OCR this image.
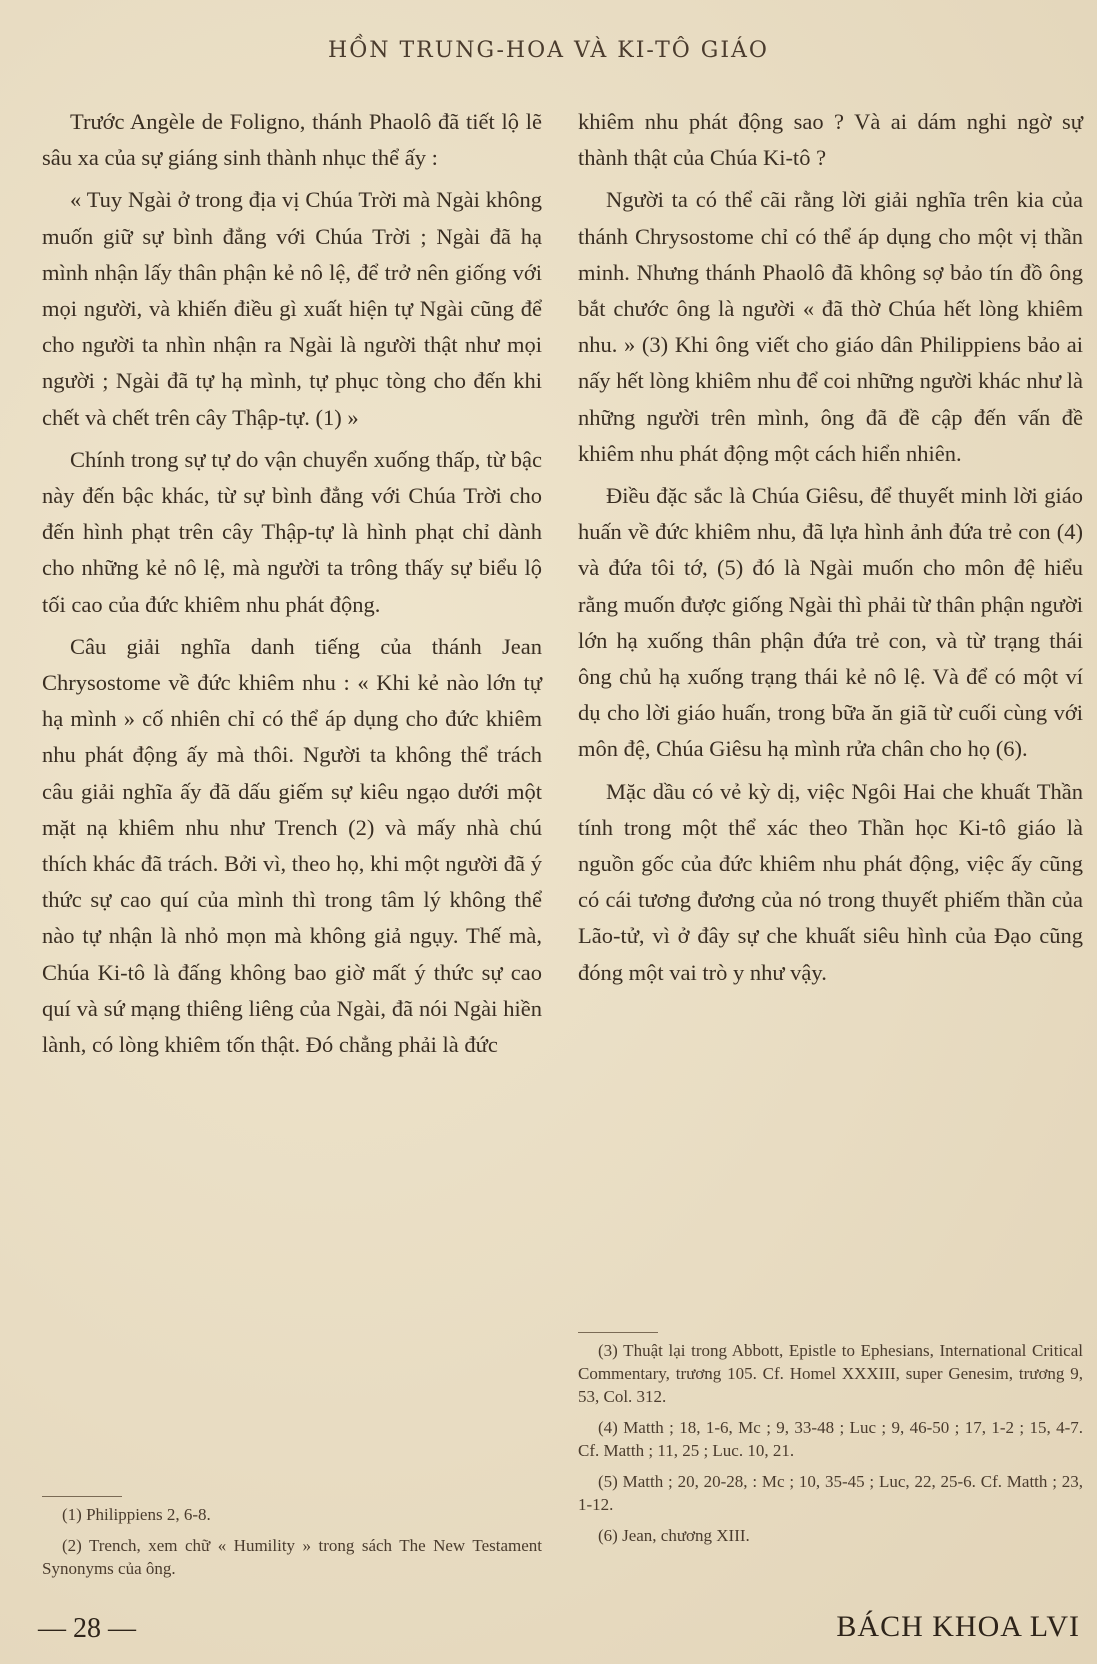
HỒN TRUNG-HOA VÀ KI-TÔ GIÁO

Trước Angèle de Foligno, thánh Phaolô đã tiết lộ lẽ sâu xa của sự giáng sinh thành nhục thể ấy :

« Tuy Ngài ở trong địa vị Chúa Trời mà Ngài không muốn giữ sự bình đẳng với Chúa Trời ; Ngài đã hạ mình nhận lấy thân phận kẻ nô lệ, để trở nên giống với mọi người, và khiến điều gì xuất hiện tự Ngài cũng để cho người ta nhìn nhận ra Ngài là người thật như mọi người ; Ngài đã tự hạ mình, tự phục tòng cho đến khi chết và chết trên cây Thập-tự. (1) »

Chính trong sự tự do vận chuyển xuống thấp, từ bậc này đến bậc khác, từ sự bình đẳng với Chúa Trời cho đến hình phạt trên cây Thập-tự là hình phạt chỉ dành cho những kẻ nô lệ, mà người ta trông thấy sự biểu lộ tối cao của đức khiêm nhu phát động.

Câu giải nghĩa danh tiếng của thánh Jean Chrysostome về đức khiêm nhu : « Khi kẻ nào lớn tự hạ mình » cố nhiên chỉ có thể áp dụng cho đức khiêm nhu phát động ấy mà thôi. Người ta không thể trách câu giải nghĩa ấy đã dấu giếm sự kiêu ngạo dưới một mặt nạ khiêm nhu như Trench (2) và mấy nhà chú thích khác đã trách. Bởi vì, theo họ, khi một người đã ý thức sự cao quí của mình thì trong tâm lý không thể nào tự nhận là nhỏ mọn mà không giả ngụy. Thế mà, Chúa Ki-tô là đấng không bao giờ mất ý thức sự cao quí và sứ mạng thiêng liêng của Ngài, đã nói Ngài hiền lành, có lòng khiêm tốn thật. Đó chẳng phải là đức

khiêm nhu phát động sao ? Và ai dám nghi ngờ sự thành thật của Chúa Ki-tô ?

Người ta có thể cãi rằng lời giải nghĩa trên kia của thánh Chrysostome chỉ có thể áp dụng cho một vị thần minh. Nhưng thánh Phaolô đã không sợ bảo tín đồ ông bắt chước ông là người « đã thờ Chúa hết lòng khiêm nhu. » (3) Khi ông viết cho giáo dân Philippiens bảo ai nấy hết lòng khiêm nhu để coi những người khác như là những người trên mình, ông đã đề cập đến vấn đề khiêm nhu phát động một cách hiển nhiên.

Điều đặc sắc là Chúa Giêsu, để thuyết minh lời giáo huấn về đức khiêm nhu, đã lựa hình ảnh đứa trẻ con (4) và đứa tôi tớ, (5) đó là Ngài muốn cho môn đệ hiểu rằng muốn được giống Ngài thì phải từ thân phận người lớn hạ xuống thân phận đứa trẻ con, và từ trạng thái ông chủ hạ xuống trạng thái kẻ nô lệ. Và để có một ví dụ cho lời giáo huấn, trong bữa ăn giã từ cuối cùng với môn đệ, Chúa Giêsu hạ mình rửa chân cho họ (6).

Mặc dầu có vẻ kỳ dị, việc Ngôi Hai che khuất Thần tính trong một thể xác theo Thần học Ki-tô giáo là nguồn gốc của đức khiêm nhu phát động, việc ấy cũng có cái tương đương của nó trong thuyết phiếm thần của Lão-tử, vì ở đây sự che khuất siêu hình của Đạo cũng đóng một vai trò y như vậy.

(1) Philippiens 2, 6-8.

(2) Trench, xem chữ « Humility » trong sách The New Testament Synonyms của ông.

(3) Thuật lại trong Abbott, Epistle to Ephesians, International Critical Commentary, trương 105. Cf. Homel XXXIII, super Genesim, trương 9, 53, Col. 312.

(4) Matth ; 18, 1-6, Mc ; 9, 33-48 ; Luc ; 9, 46-50 ; 17, 1-2 ; 15, 4-7. Cf. Matth ; 11, 25 ; Luc. 10, 21.

(5) Matth ; 20, 20-28, : Mc ; 10, 35-45 ; Luc, 22, 25-6. Cf. Matth ; 23, 1-12.

(6) Jean, chương XIII.

— 28 —	BÁCH KHOA LVI
